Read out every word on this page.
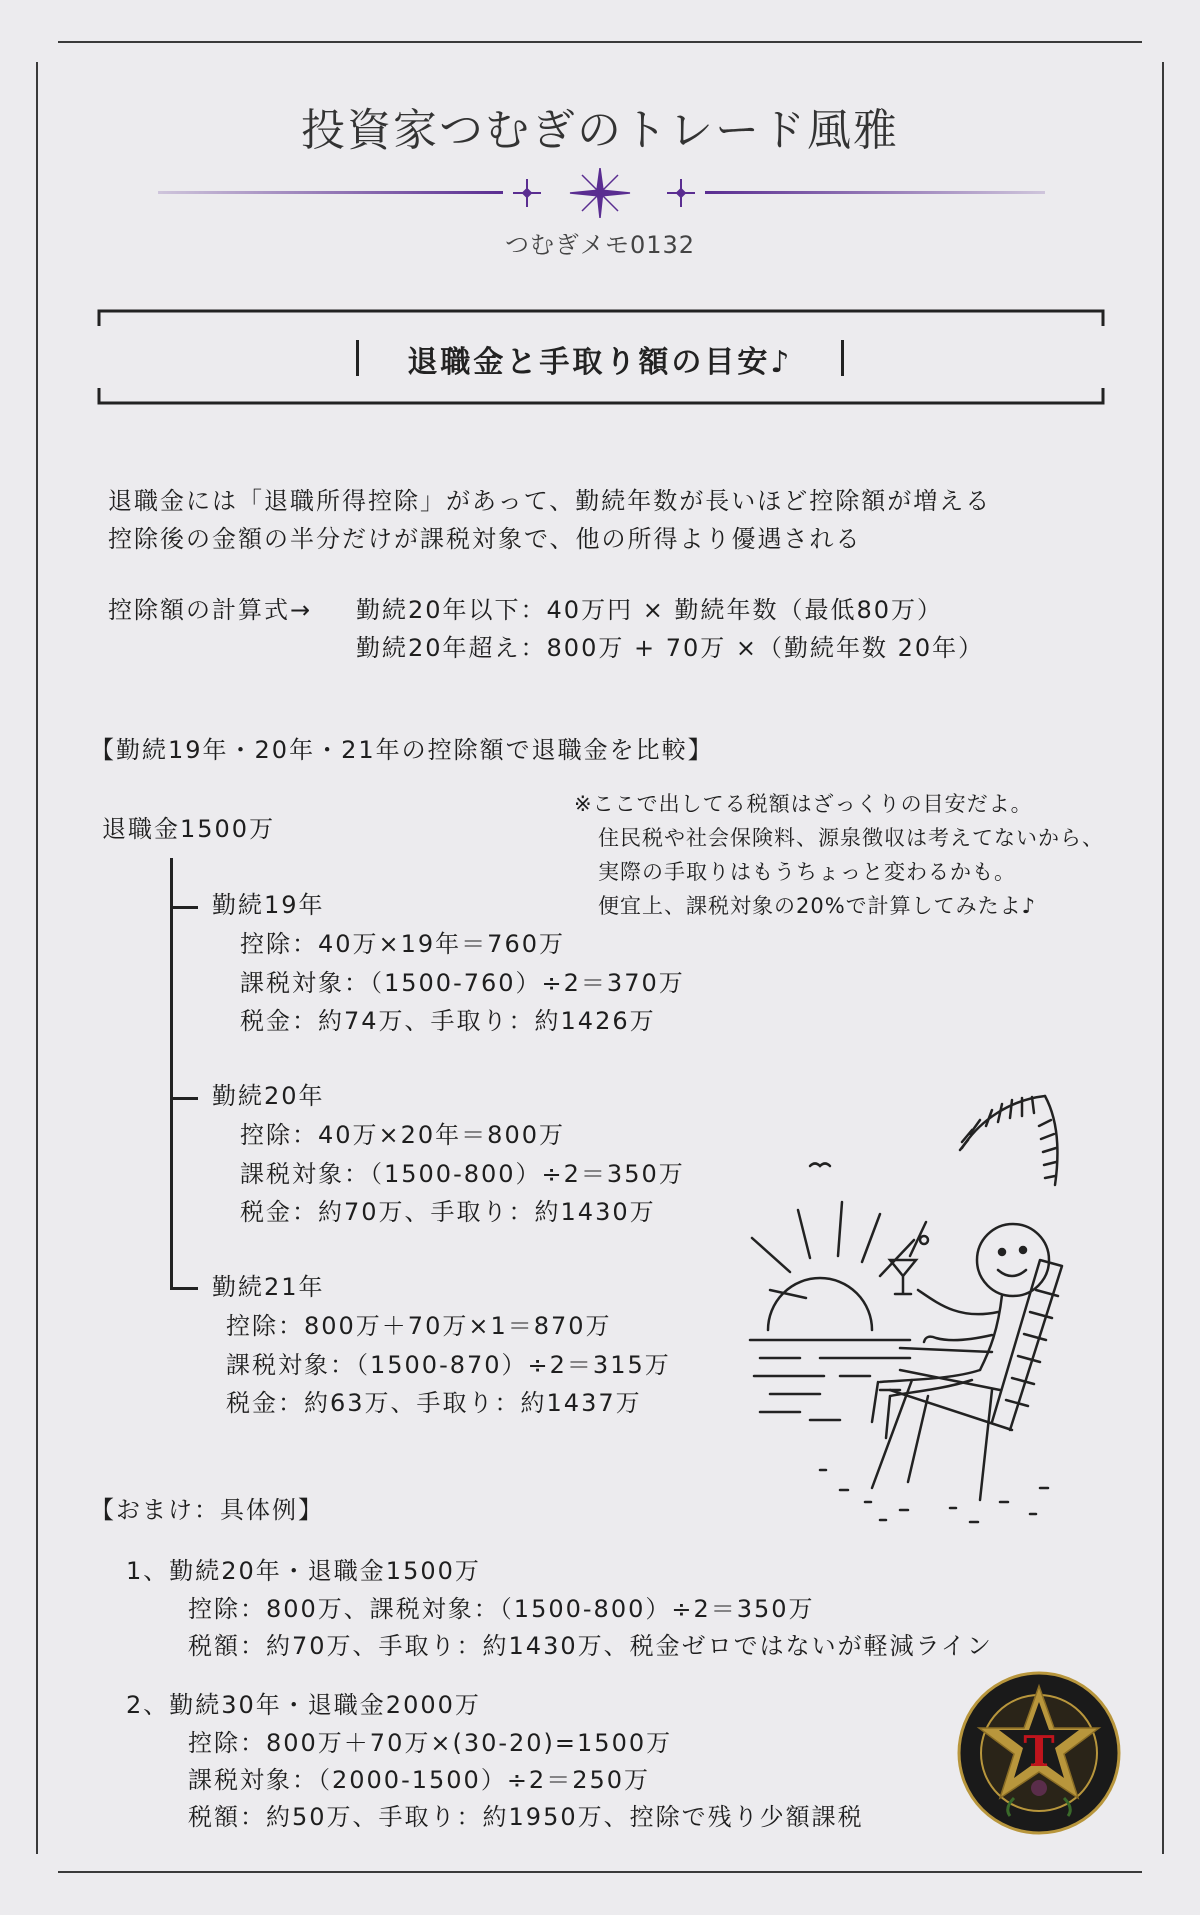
投資家つむぎのトレード風雅
つむぎメモ0132
退職金と手取り額の目安♪
退職金には「退職所得控除」があって、勤続年数が長いほど控除額が増える
控除後の金額の半分だけが課税対象で、他の所得より優遇される
控除額の計算式→ 勤続20年以下：40万円 × 勤続年数（最低80万）
勤続20年超え：800万 + 70万 ×（勤続年数 20年）
【勤続19年・20年・21年の控除額で退職金を比較】
退職金1500万
※ここで出してる税額はざっくりの目安だよ。
住民税や社会保険料、源泉徴収は考えてないから、
実際の手取りはもうちょっと変わるかも。
便宜上、課税対象の20%で計算してみたよ♪
勤続19年
控除：40万×19年＝760万
課税対象：（1500-760）÷2＝370万
税金：約74万、手取り：約1426万
勤続20年
控除：40万×20年＝800万
課税対象：（1500-800）÷2＝350万
税金：約70万、手取り：約1430万
勤続21年
控除：800万＋70万×1＝870万
課税対象：（1500-870）÷2＝315万
税金：約63万、手取り：約1437万
【おまけ：具体例】
1、勤続20年・退職金1500万
控除：800万、課税対象：（1500-800）÷2＝350万
税額：約70万、手取り：約1430万、税金ゼロではないが軽減ライン
2、勤続30年・退職金2000万
控除：800万＋70万×(30-20)=1500万
課税対象：（2000-1500）÷2＝250万
税額：約50万、手取り：約1950万、控除で残り少額課税
T
